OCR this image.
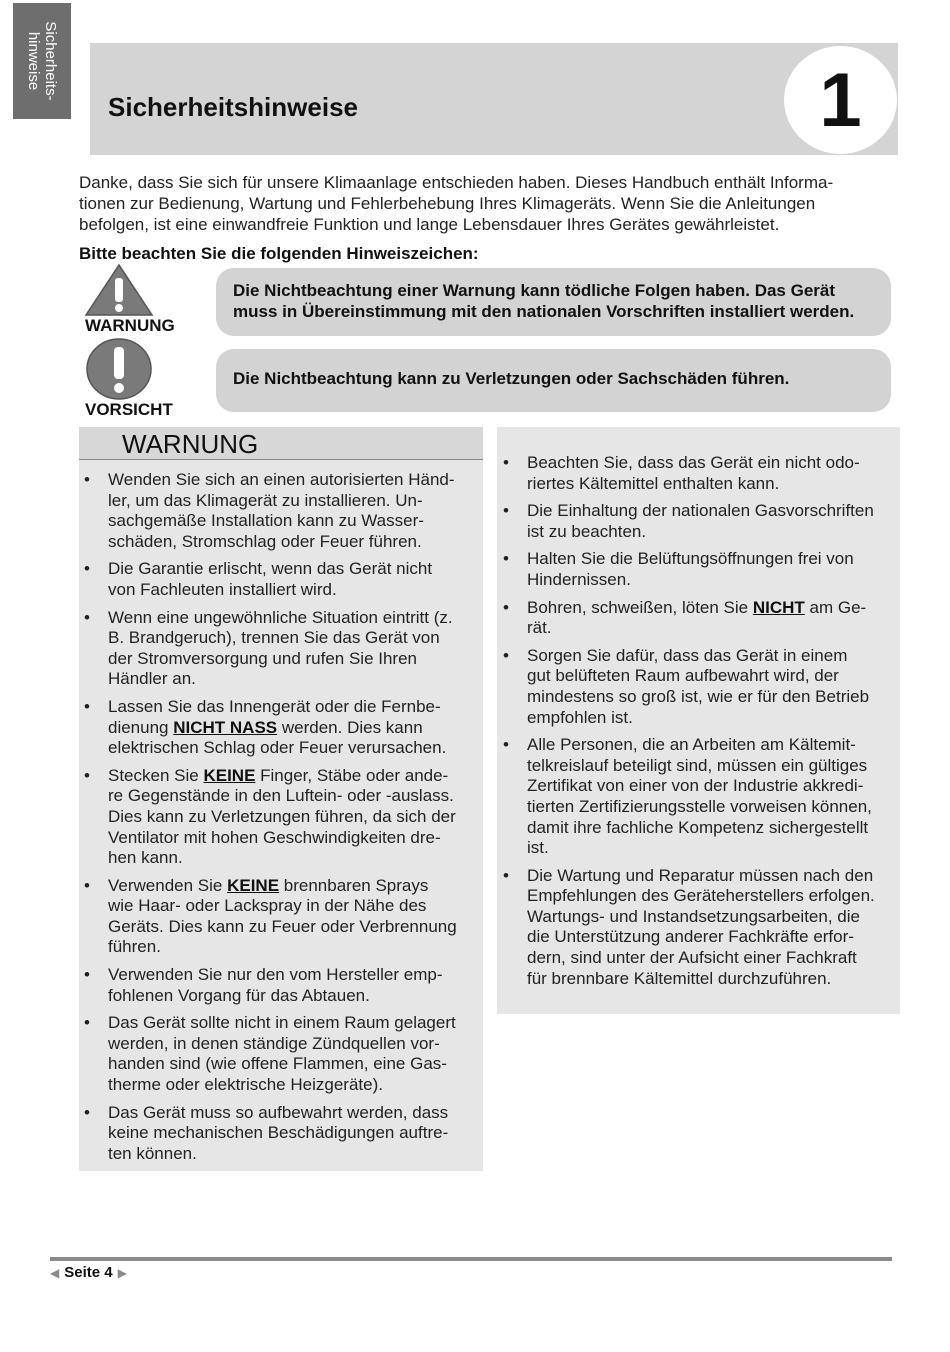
Sicherheits-
hinweise
Sicherheitshinweise	1
Danke, dass Sie sich für unsere Klimaanlage entschieden haben. Dieses Handbuch enthält Informa-
tionen zur Bedienung, Wartung und Fehlerbehebung Ihres Klimageräts. Wenn Sie die Anleitungen
befolgen, ist eine einwandfreie Funktion und lange Lebensdauer Ihres Gerätes gewährleistet.
Bitte beachten Sie die folgenden Hinweiszeichen:
WARNUNG
Die Nichtbeachtung einer Warnung kann tödliche Folgen haben. Das Gerät
muss in Übereinstimmung mit den nationalen Vorschriften installiert werden.
VORSICHT
Die Nichtbeachtung kann zu Verletzungen oder Sachschäden führen.
WARNUNG
• Wenden Sie sich an einen autorisierten Händ-
ler, um das Klimagerät zu installieren. Un-
sachgemäße Installation kann zu Wasser-
schäden, Stromschlag oder Feuer führen.
• Die Garantie erlischt, wenn das Gerät nicht
von Fachleuten installiert wird.
• Wenn eine ungewöhnliche Situation eintritt (z.
B. Brandgeruch), trennen Sie das Gerät von
der Stromversorgung und rufen Sie Ihren
Händler an.
• Lassen Sie das Innengerät oder die Fernbe-
dienung NICHT NASS werden. Dies kann
elektrischen Schlag oder Feuer verursachen.
• Stecken Sie KEINE Finger, Stäbe oder ande-
re Gegenstände in den Luftein- oder -auslass.
Dies kann zu Verletzungen führen, da sich der
Ventilator mit hohen Geschwindigkeiten dre-
hen kann.
• Verwenden Sie KEINE brennbaren Sprays
wie Haar- oder Lackspray in der Nähe des
Geräts. Dies kann zu Feuer oder Verbrennung
führen.
• Verwenden Sie nur den vom Hersteller emp-
fohlenen Vorgang für das Abtauen.
• Das Gerät sollte nicht in einem Raum gelagert
werden, in denen ständige Zündquellen vor-
handen sind (wie offene Flammen, eine Gas-
therme oder elektrische Heizgeräte).
• Das Gerät muss so aufbewahrt werden, dass
keine mechanischen Beschädigungen auftre-
ten können.
• Beachten Sie, dass das Gerät ein nicht odo-
riertes Kältemittel enthalten kann.
• Die Einhaltung der nationalen Gasvorschriften
ist zu beachten.
• Halten Sie die Belüftungsöffnungen frei von
Hindernissen.
• Bohren, schweißen, löten Sie NICHT am Ge-
rät.
• Sorgen Sie dafür, dass das Gerät in einem
gut belüfteten Raum aufbewahrt wird, der
mindestens so groß ist, wie er für den Betrieb
empfohlen ist.
• Alle Personen, die an Arbeiten am Kältemit-
telkreislauf beteiligt sind, müssen ein gültiges
Zertifikat von einer von der Industrie akkredi-
tierten Zertifizierungsstelle vorweisen können,
damit ihre fachliche Kompetenz sichergestellt
ist.
• Die Wartung und Reparatur müssen nach den
Empfehlungen des Geräteherstellers erfolgen.
Wartungs- und Instandsetzungsarbeiten, die
die Unterstützung anderer Fachkräfte erfor-
dern, sind unter der Aufsicht einer Fachkraft
für brennbare Kältemittel durchzuführen.
◀ Seite 4 ▶
